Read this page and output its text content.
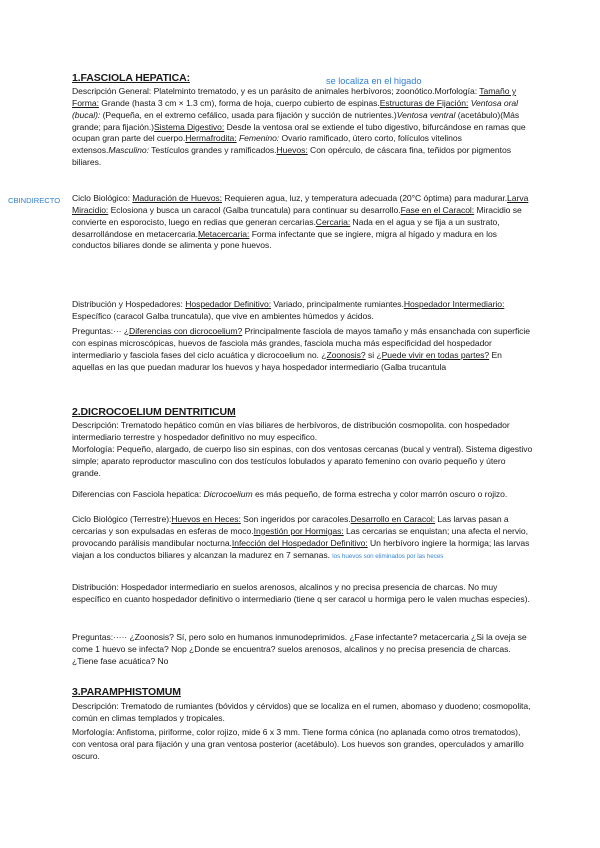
1.FASCIOLA HEPATICA:	se localiza en el higado
Descripción General: Platelminto trematodo, y es un parásito de animales herbívoros; zoonótico.Morfología: Tamaño y Forma: Grande (hasta 3 cm × 1.3 cm), forma de hoja, cuerpo cubierto de espinas.Estructuras de Fijación: Ventosa oral (bucal): (Pequeña, en el extremo cefálico, usada para fijación y succión de nutrientes.)Ventosa ventral (acetábulo)(Más grande; para fijación.)Sistema Digestivo: Desde la ventosa oral se extiende el tubo digestivo, bifurcándose en ramas que ocupan gran parte del cuerpo.Hermafrodita: Femenino: Ovario ramificado, útero corto, folículos vitelinos extensos.Masculino: Testículos grandes y ramificados.Huevos: Con opérculo, de cáscara fina, teñidos por pigmentos biliares.
CBINDIRECTO Ciclo Biológico: Maduración de Huevos: Requieren agua, luz, y temperatura adecuada (20°C óptima) para madurar.Larva Miracidio: Eclosiona y busca un caracol (Galba truncatula) para continuar su desarrollo.Fase en el Caracol: Miracidio se convierte en esporocisto, luego en redias que generan cercarias.Cercaria: Nada en el agua y se fija a un sustrato, desarrollándose en metacercaria.Metacercaria: Forma infectante que se ingiere, migra al hígado y madura en los conductos biliares donde se alimenta y pone huevos.
Distribución y Hospedadores: Hospedador Definitivo: Variado, principalmente rumiantes.Hospedador Intermediario: Específico (caracol Galba truncatula), que vive en ambientes húmedos y ácidos.
Preguntas:··· ¿Diferencias con dicrocoelium? Principalmente fasciola de mayos tamaño y más ensanchada con superficie con espinas microscópicas, huevos de fasciola más grandes, fasciola mucha más especificidad del hospedador intermediario y fasciola fases del ciclo acuática y dicrocoelium no. ¿Zoonosis? si ¿Puede vivir en todas partes? En aquellas en las que puedan madurar los huevos y haya hospedador intermediario (Galba trucantula
2.DICROCOELIUM DENTRITICUM
Descripción: Trematodo hepático común en vías biliares de herbívoros, de distribución cosmopolita. con hospedador intermediario terrestre y hospedador definitivo no muy especifico.
Morfología: Pequeño, alargado, de cuerpo liso sin espinas, con dos ventosas cercanas (bucal y ventral). Sistema digestivo simple; aparato reproductor masculino con dos testículos lobulados y aparato femenino con ovario pequeño y útero grande.
Diferencias con Fasciola hepatica: Dicrocoelium es más pequeño, de forma estrecha y color marrón oscuro o rojizo.
Ciclo Biológico (Terrestre):Huevos en Heces: Son ingeridos por caracoles.Desarrollo en Caracol: Las larvas pasan a cercarias y son expulsadas en esferas de moco.Ingestión por Hormigas: Las cercarias se enquistan; una afecta el nervio, provocando parálisis mandibular nocturna.Infección del Hospedador Definitivo: Un herbívoro ingiere la hormiga; las larvas viajan a los conductos biliares y alcanzan la madurez en 7 semanas. los huevos son eliminados por las heces
Distribución: Hospedador intermediario en suelos arenosos, alcalinos y no precisa presencia de charcas. No muy específico en cuanto hospedador definitivo o intermediario (tiene q ser caracol u hormiga pero le valen muchas especies).
Preguntas:····· ¿Zoonosis? Sí, pero solo en humanos inmunodeprimidos. ¿Fase infectante? metacercaria ¿Si la oveja se come 1 huevo se infecta? Nop ¿Donde se encuentra? suelos arenosos, alcalinos y no precisa presencia de charcas. ¿Tiene fase acuática? No
3.PARAMPHISTOMUM
Descripción: Trematodo de rumiantes (bóvidos y cérvidos) que se localiza en el rumen, abomaso y duodeno; cosmopolita, común en climas templados y tropicales.
Morfología: Anfistoma, piriforme, color rojizo, mide 6 x 3 mm. Tiene forma cónica (no aplanada como otros trematodos), con ventosa oral para fijación y una gran ventosa posterior (acetábulo). Los huevos son grandes, operculados y amarillo oscuro.
